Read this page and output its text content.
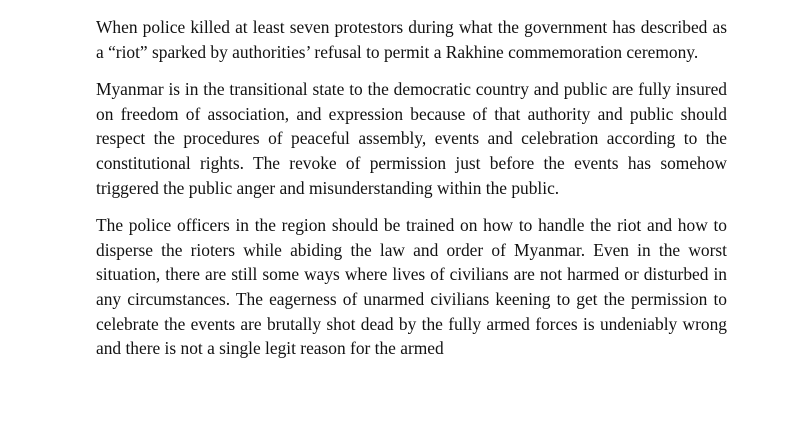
When police killed at least seven protestors during what the government has described as a “riot” sparked by authorities’ refusal to permit a Rakhine commemoration ceremony.

Myanmar is in the transitional state to the democratic country and public are fully insured on freedom of association, and expression because of that authority and public should respect the procedures of peaceful assembly, events and celebration according to the constitutional rights. The revoke of permission just before the events has somehow triggered the public anger and misunderstanding within the public.

The police officers in the region should be trained on how to handle the riot and how to disperse the rioters while abiding the law and order of Myanmar. Even in the worst situation, there are still some ways where lives of civilians are not harmed or disturbed in any circumstances. The eagerness of unarmed civilians keening to get the permission to celebrate the events are brutally shot dead by the fully armed forces is undeniably wrong and there is not a single legit reason for the armed
